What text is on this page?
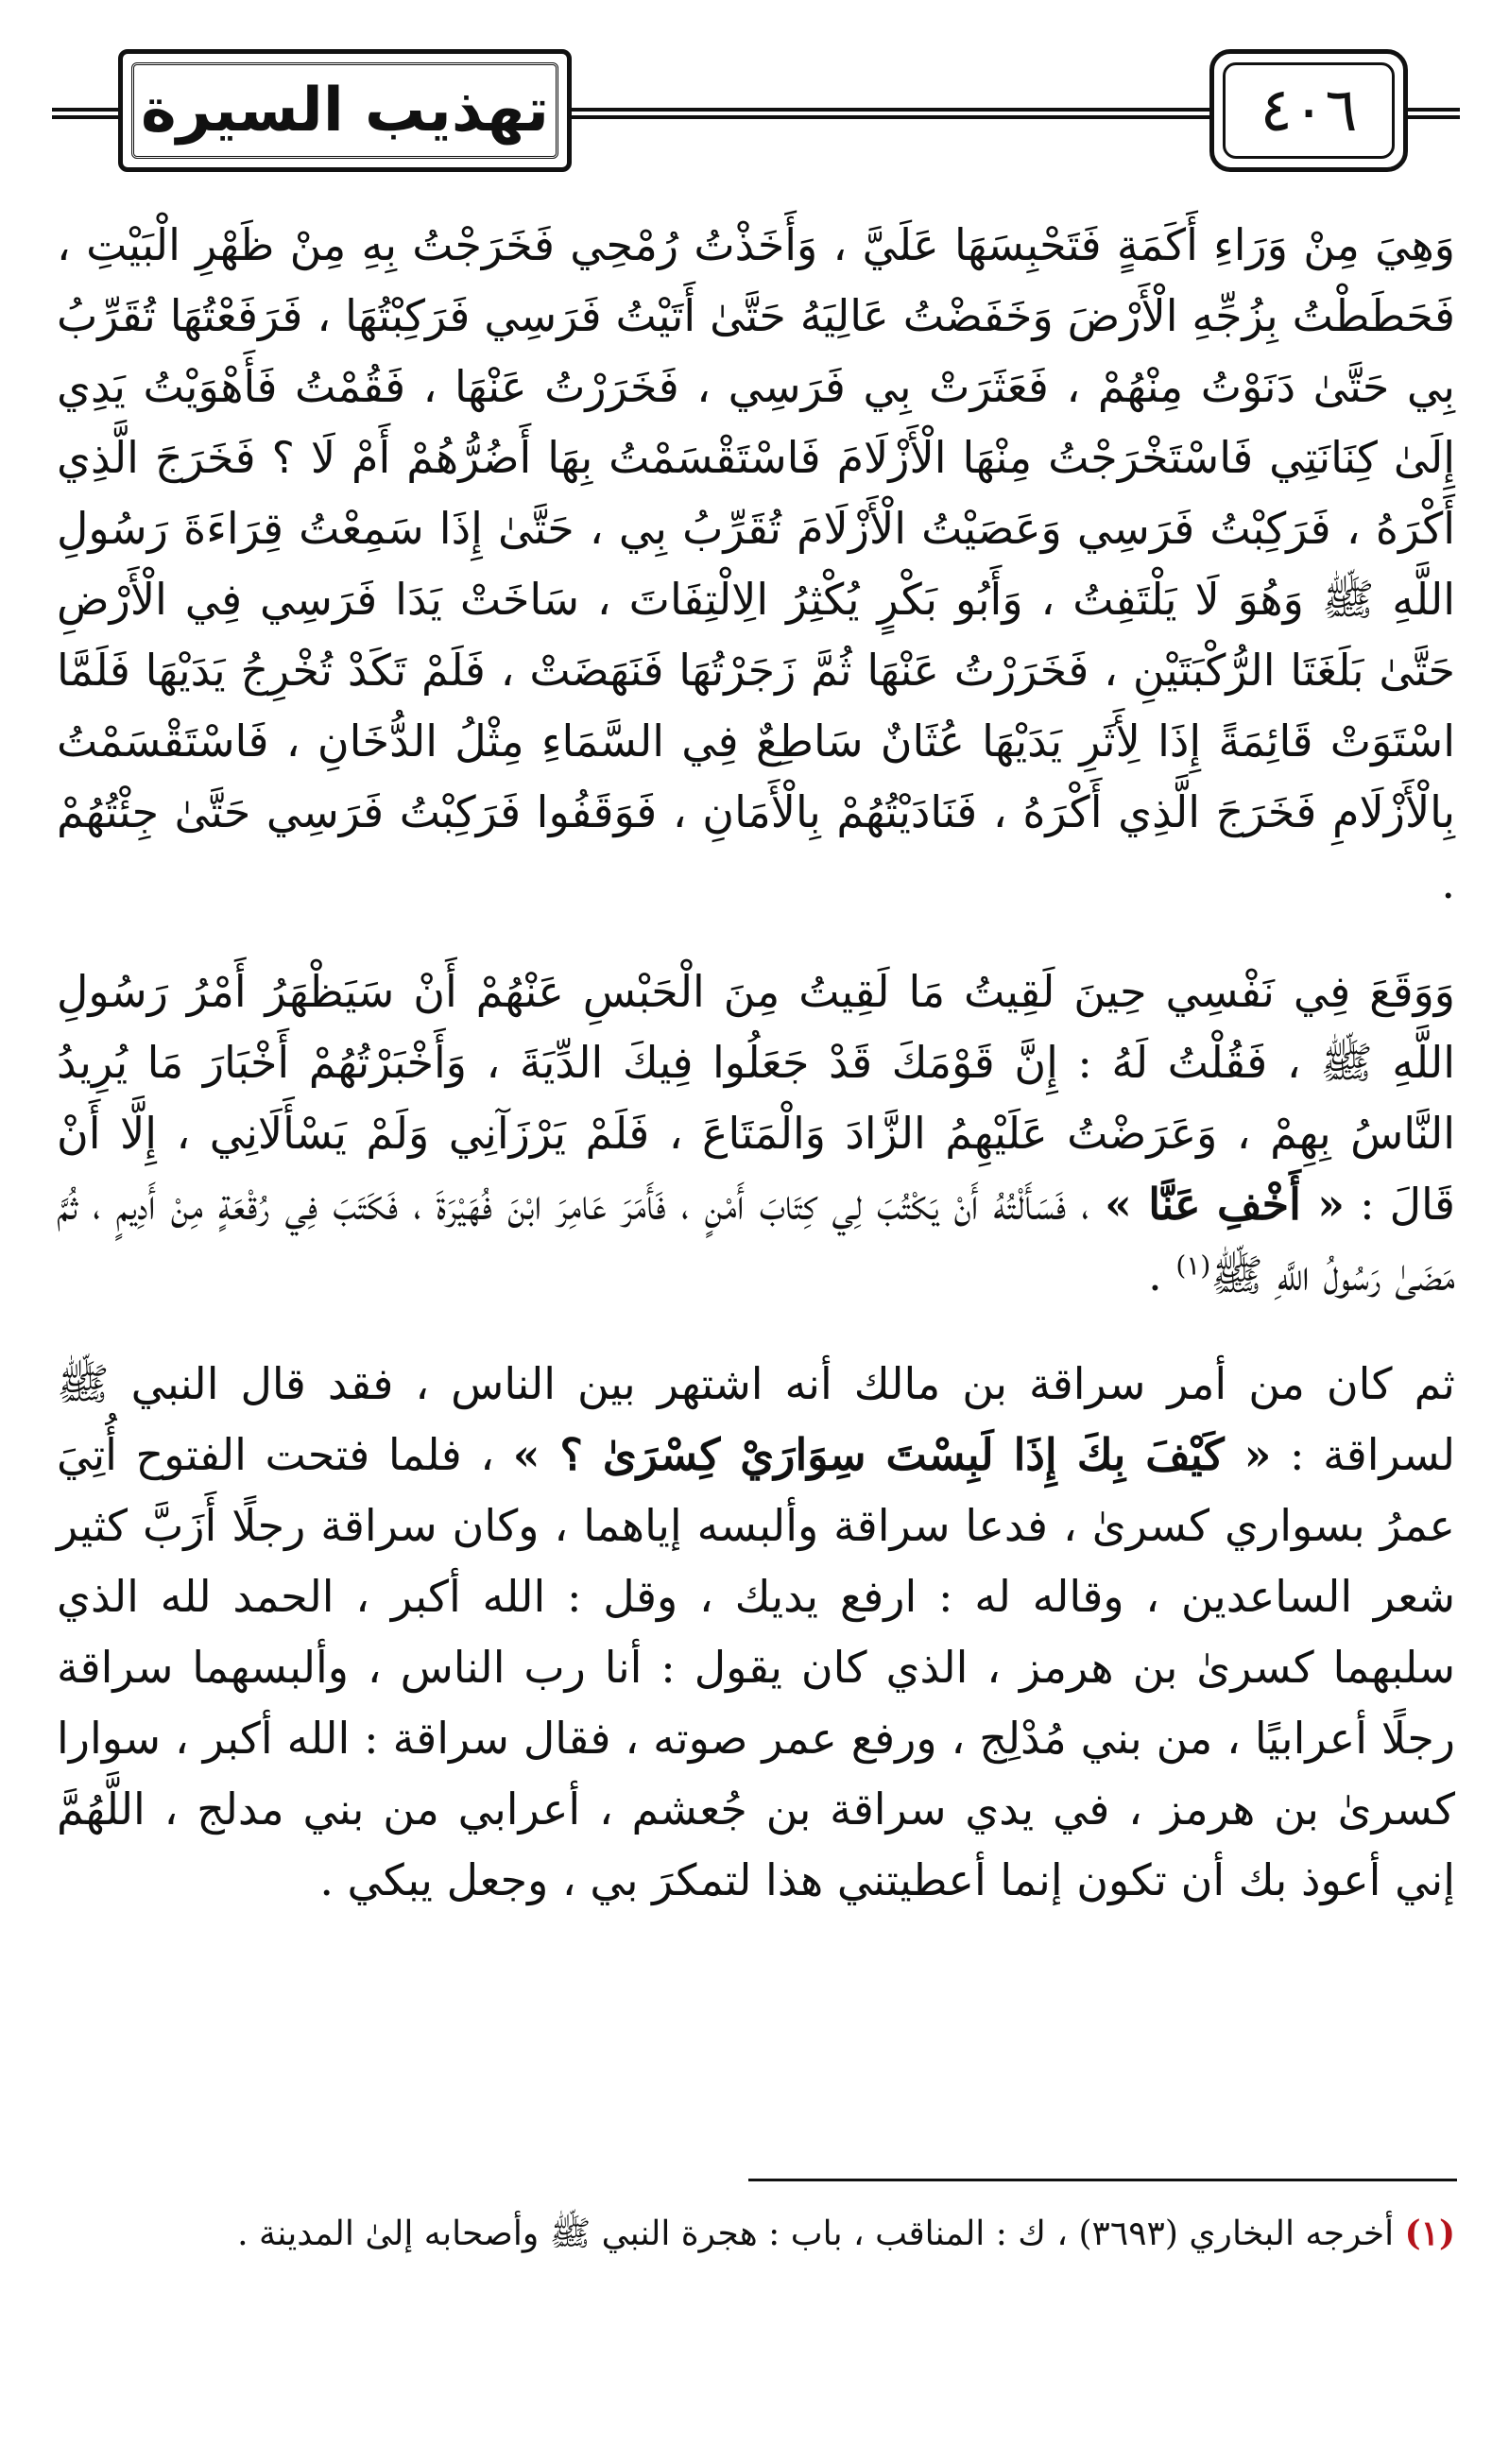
تهذيب السيرة	٤٠٦

وَهِيَ مِنْ وَرَاءِ أَكَمَةٍ فَتَحْبِسَهَا عَلَيَّ ، وَأَخَذْتُ رُمْحِي فَخَرَجْتُ بِهِ مِنْ ظَهْرِ الْبَيْتِ ، فَحَطَطْتُ بِزُجِّهِ الْأَرْضَ وَخَفَضْتُ عَالِيَهُ حَتَّىٰ أَتَيْتُ فَرَسِي فَرَكِبْتُهَا ، فَرَفَعْتُهَا تُقَرِّبُ بِي حَتَّىٰ دَنَوْتُ مِنْهُمْ ، فَعَثَرَتْ بِي فَرَسِي ، فَخَرَرْتُ عَنْهَا ، فَقُمْتُ فَأَهْوَيْتُ يَدِي إِلَىٰ كِنَانَتِي فَاسْتَخْرَجْتُ مِنْهَا الْأَزْلَامَ فَاسْتَقْسَمْتُ بِهَا أَضُرُّهُمْ أَمْ لَا ؟ فَخَرَجَ الَّذِي أَكْرَهُ ، فَرَكِبْتُ فَرَسِي وَعَصَيْتُ الْأَزْلَامَ تُقَرِّبُ بِي ، حَتَّىٰ إِذَا سَمِعْتُ قِرَاءَةَ رَسُولِ اللَّهِ ﷺ وَهُوَ لَا يَلْتَفِتُ ، وَأَبُو بَكْرٍ يُكْثِرُ الِالْتِفَاتَ ، سَاخَتْ يَدَا فَرَسِي فِي الْأَرْضِ حَتَّىٰ بَلَغَتَا الرُّكْبَتَيْنِ ، فَخَرَرْتُ عَنْهَا ثُمَّ زَجَرْتُهَا فَنَهَضَتْ ، فَلَمْ تَكَدْ تُخْرِجُ يَدَيْهَا فَلَمَّا اسْتَوَتْ قَائِمَةً إِذَا لِأَثَرِ يَدَيْهَا عُثَانٌ سَاطِعٌ فِي السَّمَاءِ مِثْلُ الدُّخَانِ ، فَاسْتَقْسَمْتُ بِالْأَزْلَامِ فَخَرَجَ الَّذِي أَكْرَهُ ، فَنَادَيْتُهُمْ بِالْأَمَانِ ، فَوَقَفُوا فَرَكِبْتُ فَرَسِي حَتَّىٰ جِئْتُهُمْ .

وَوَقَعَ فِي نَفْسِي حِينَ لَقِيتُ مَا لَقِيتُ مِنَ الْحَبْسِ عَنْهُمْ أَنْ سَيَظْهَرُ أَمْرُ رَسُولِ اللَّهِ ﷺ ، فَقُلْتُ لَهُ : إِنَّ قَوْمَكَ قَدْ جَعَلُوا فِيكَ الدِّيَةَ ، وَأَخْبَرْتُهُمْ أَخْبَارَ مَا يُرِيدُ النَّاسُ بِهِمْ ، وَعَرَضْتُ عَلَيْهِمُ الزَّادَ وَالْمَتَاعَ ، فَلَمْ يَرْزَآنِي وَلَمْ يَسْأَلَانِي ، إِلَّا أَنْ قَالَ : « أَخْفِ عَنَّا » ، فَسَأَلْتُهُ أَنْ يَكْتُبَ لِي كِتَابَ أَمْنٍ ، فَأَمَرَ عَامِرَ ابْنَ فُهَيْرَةَ ، فَكَتَبَ فِي رُقْعَةٍ مِنْ أَدِيمٍ ، ثُمَّ مَضَىٰ رَسُولُ اللَّهِ ﷺ$^{(١)}$ .

ثم كان من أمر سراقة بن مالك أنه اشتهر بين الناس ، فقد قال النبي ﷺ لسراقة : « كَيْفَ بِكَ إِذَا لَبِسْتَ سِوَارَيْ كِسْرَىٰ ؟ » ، فلما فتحت الفتوح أُتِيَ عمرُ بسواري كسرىٰ ، فدعا سراقة وألبسه إياهما ، وكان سراقة رجلًا أَزَبَّ كثير شعر الساعدين ، وقاله له : ارفع يديك ، وقل : الله أكبر ، الحمد لله الذي سلبهما كسرىٰ بن هرمز ، الذي كان يقول : أنا رب الناس ، وألبسهما سراقة رجلًا أعرابيًا ، من بني مُدْلِج ، ورفع عمر صوته ، فقال سراقة : الله أكبر ، سوارا كسرىٰ بن هرمز ، في يدي سراقة بن جُعشم ، أعرابي من بني مدلج ، اللَّهُمَّ إني أعوذ بك أن تكون إنما أعطيتني هذا لتمكرَ بي ، وجعل يبكي .

(١) أخرجه البخاري (٣٦٩٣) ، ك : المناقب ، باب : هجرة النبي ﷺ وأصحابه إلىٰ المدينة .
